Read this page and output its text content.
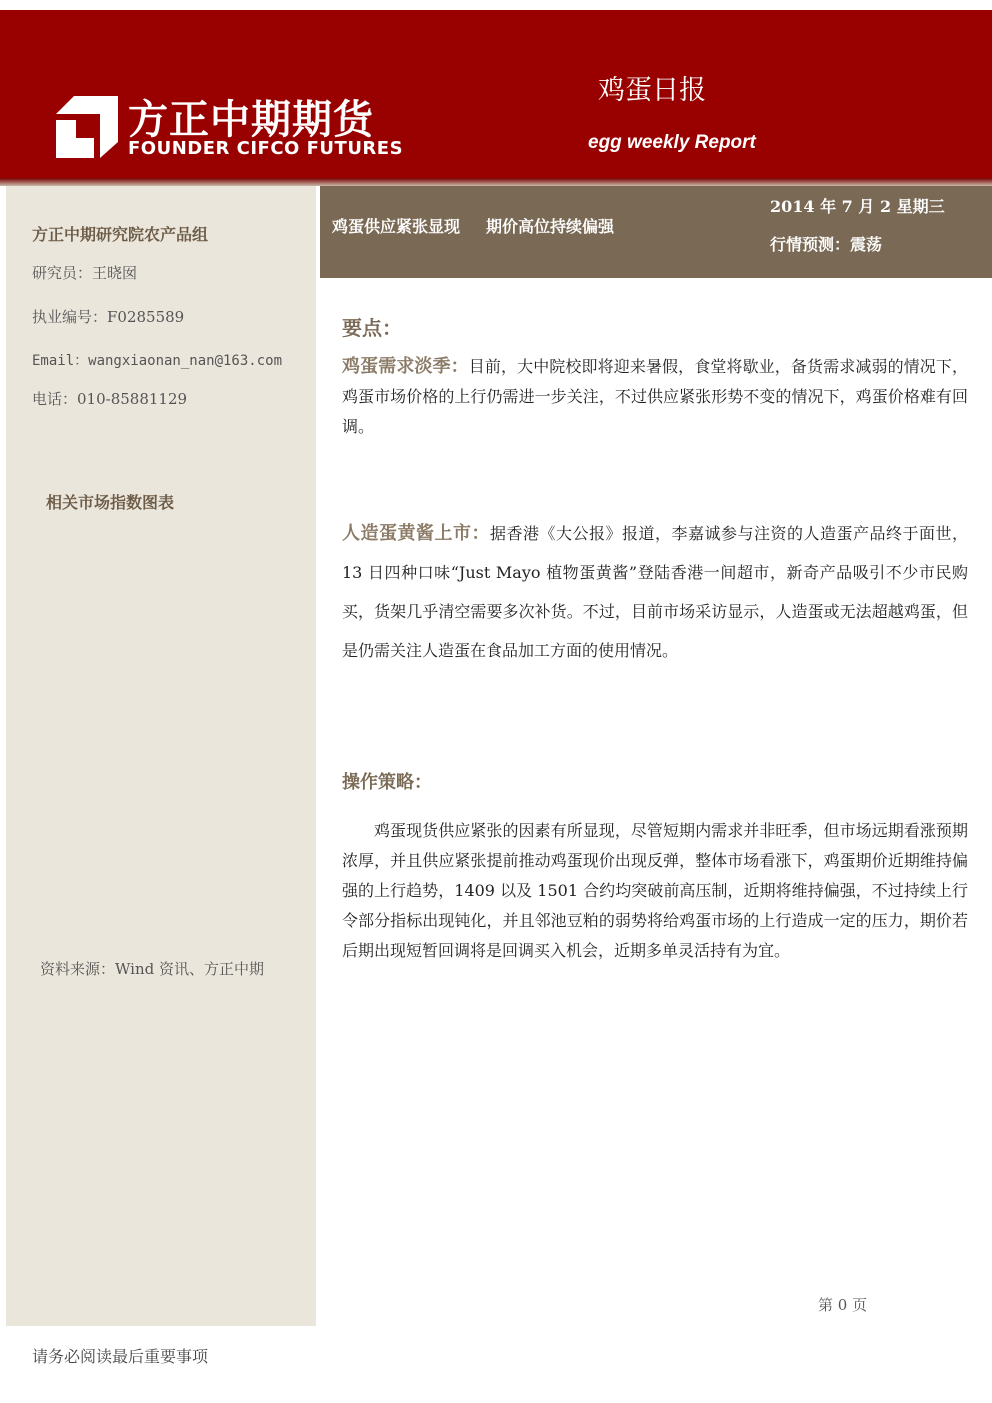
方正中期期货
FOUNDER CIFCO FUTURES
鸡蛋日报
egg weekly Report
方正中期研究院农产品组
研究员：王晓囡
执业编号：F0285589
Email：wangxiaonan_nan@163.com
电话：010-85881129
相关市场指数图表
资料来源：Wind 资讯、方正中期
鸡蛋供应紧张显现 期价高位持续偏强
2014 年 7 月 2 星期三
行情预测：震荡
要点：

鸡蛋需求淡季：目前，大中院校即将迎来暑假，食堂将歇业，备货需求减弱的情况下，鸡蛋市场价格的上行仍需进一步关注，不过供应紧张形势不变的情况下，鸡蛋价格难有回调。

人造蛋黄酱上市：据香港《大公报》报道，李嘉诚参与注资的人造蛋产品终于面世，13 日四种口味“Just Mayo 植物蛋黄酱”登陆香港一间超市，新奇产品吸引不少市民购买，货架几乎清空需要多次补货。不过，目前市场采访显示，人造蛋或无法超越鸡蛋，但是仍需关注人造蛋在食品加工方面的使用情况。

操作策略：

鸡蛋现货供应紧张的因素有所显现，尽管短期内需求并非旺季，但市场远期看涨预期浓厚，并且供应紧张提前推动鸡蛋现价出现反弹，整体市场看涨下，鸡蛋期价近期维持偏强的上行趋势，1409 以及 1501 合约均突破前高压制，近期将维持偏强，不过持续上行令部分指标出现钝化，并且邻池豆粕的弱势将给鸡蛋市场的上行造成一定的压力，期价若后期出现短暂回调将是回调买入机会，近期多单灵活持有为宜。

第 0 页
请务必阅读最后重要事项
